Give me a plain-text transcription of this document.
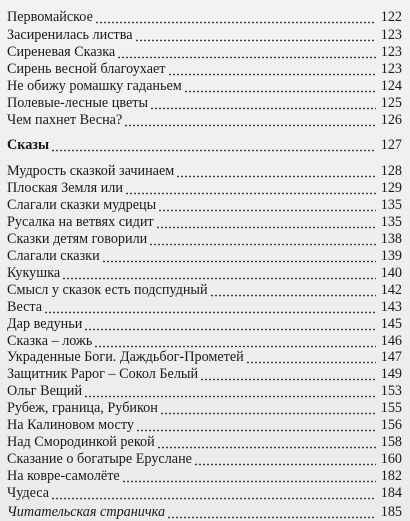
Первомайское	122
Засиренилась листва	123
Сиреневая Сказка	123
Сирень весной благоухает	123
Не обижу ромашку гаданьем	124
Полевые-лесные цветы	125
Чем пахнет Весна?	126
Сказы	127
Мудрость сказкой зачинаем	128
Плоская Земля или	129
Слагали сказки мудрецы	135
Русалка на ветвях сидит	135
Сказки детям говорили	138
Слагали сказки	139
Кукушка	140
Смысл у сказок есть подспудный	142
Веста	143
Дар ведуньи	145
Сказка – ложь	146
Украденные Боги. Даждьбог-Прометей	147
Защитник Рарог – Сокол Белый	149
Ольг Вещий	153
Рубеж, граница, Рубикон	155
На Калиновом мосту	156
Над Смородинкой рекой	158
Сказание о богатыре Еруслане	160
На ковре-самолёте	182
Чудеса	184
Читательская страничка	185
